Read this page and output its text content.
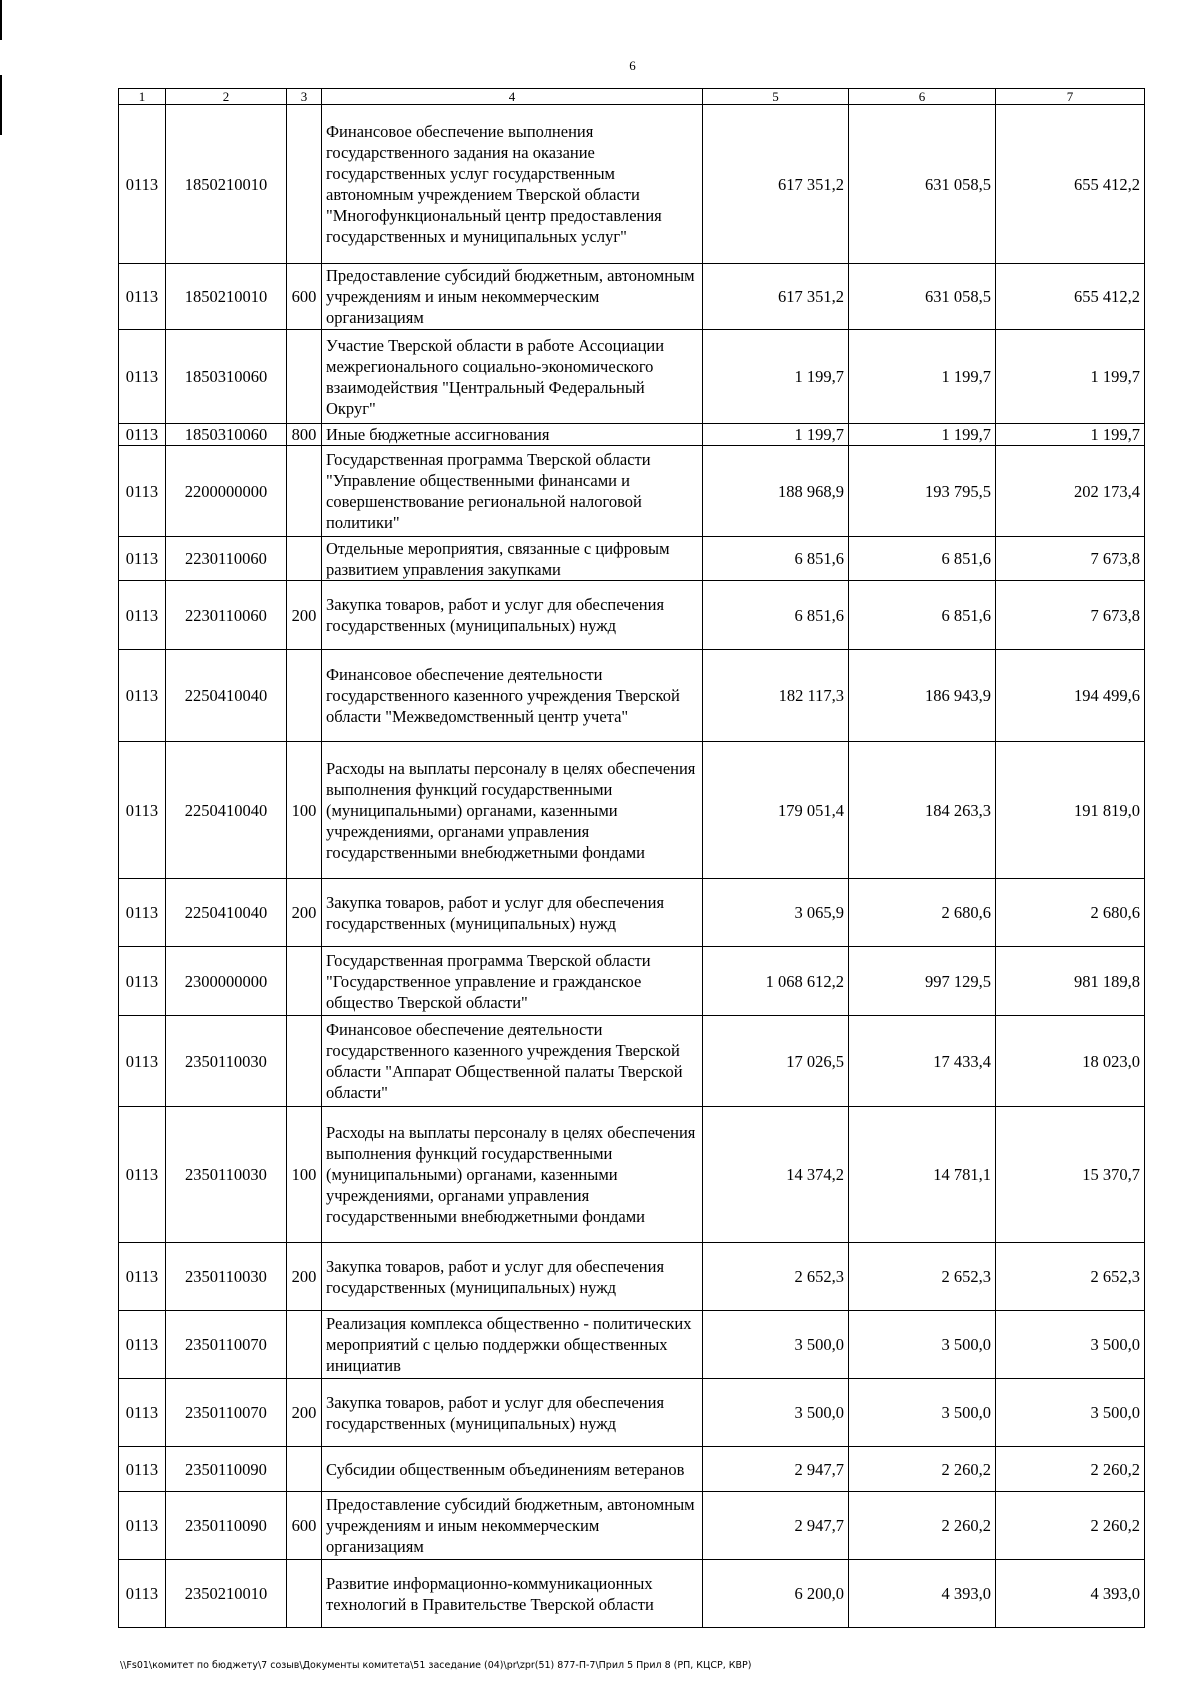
6
1	2	3	4	5	6	7
0113	1850210010		Финансовое обеспечение выполнения государственного задания на оказание государственных услуг государственным автономным учреждением Тверской области "Многофункциональный центр предоставления государственных и муниципальных услуг"	617 351,2	631 058,5	655 412,2
0113	1850210010	600	Предоставление субсидий бюджетным, автономным учреждениям и иным некоммерческим организациям	617 351,2	631 058,5	655 412,2
0113	1850310060		Участие Тверской области в работе Ассоциации межрегионального социально-экономического взаимодействия "Центральный Федеральный Округ"	1 199,7	1 199,7	1 199,7
0113	1850310060	800	Иные бюджетные ассигнования	1 199,7	1 199,7	1 199,7
0113	2200000000		Государственная программа Тверской области "Управление общественными финансами и совершенствование региональной налоговой политики"	188 968,9	193 795,5	202 173,4
0113	2230110060		Отдельные мероприятия, связанные с цифровым развитием управления закупками	6 851,6	6 851,6	7 673,8
0113	2230110060	200	Закупка товаров, работ и услуг для обеспечения государственных (муниципальных) нужд	6 851,6	6 851,6	7 673,8
0113	2250410040		Финансовое обеспечение деятельности государственного казенного учреждения Тверской области "Межведомственный центр учета"	182 117,3	186 943,9	194 499,6
0113	2250410040	100	Расходы на выплаты персоналу в целях обеспечения выполнения функций государственными (муниципальными) органами, казенными учреждениями, органами управления государственными внебюджетными фондами	179 051,4	184 263,3	191 819,0
0113	2250410040	200	Закупка товаров, работ и услуг для обеспечения государственных (муниципальных) нужд	3 065,9	2 680,6	2 680,6
0113	2300000000		Государственная программа Тверской области "Государственное управление и гражданское общество Тверской области"	1 068 612,2	997 129,5	981 189,8
0113	2350110030		Финансовое обеспечение деятельности государственного казенного учреждения Тверской области "Аппарат Общественной палаты Тверской области"	17 026,5	17 433,4	18 023,0
0113	2350110030	100	Расходы на выплаты персоналу в целях обеспечения выполнения функций государственными (муниципальными) органами, казенными учреждениями, органами управления государственными внебюджетными фондами	14 374,2	14 781,1	15 370,7
0113	2350110030	200	Закупка товаров, работ и услуг для обеспечения государственных (муниципальных) нужд	2 652,3	2 652,3	2 652,3
0113	2350110070		Реализация комплекса общественно - политических мероприятий с целью поддержки общественных инициатив	3 500,0	3 500,0	3 500,0
0113	2350110070	200	Закупка товаров, работ и услуг для обеспечения государственных (муниципальных) нужд	3 500,0	3 500,0	3 500,0
0113	2350110090		Субсидии общественным объединениям ветеранов	2 947,7	2 260,2	2 260,2
0113	2350110090	600	Предоставление субсидий бюджетным, автономным учреждениям и иным некоммерческим организациям	2 947,7	2 260,2	2 260,2
0113	2350210010		Развитие информационно-коммуникационных технологий в Правительстве Тверской области	6 200,0	4 393,0	4 393,0
\\Fs01\комитет по бюджету\7 созыв\Документы комитета\51 заседание (04)\pr\zpr(51) 877-П-7\Прил 5 Прил 8 (РП, КЦСР, КВР)
